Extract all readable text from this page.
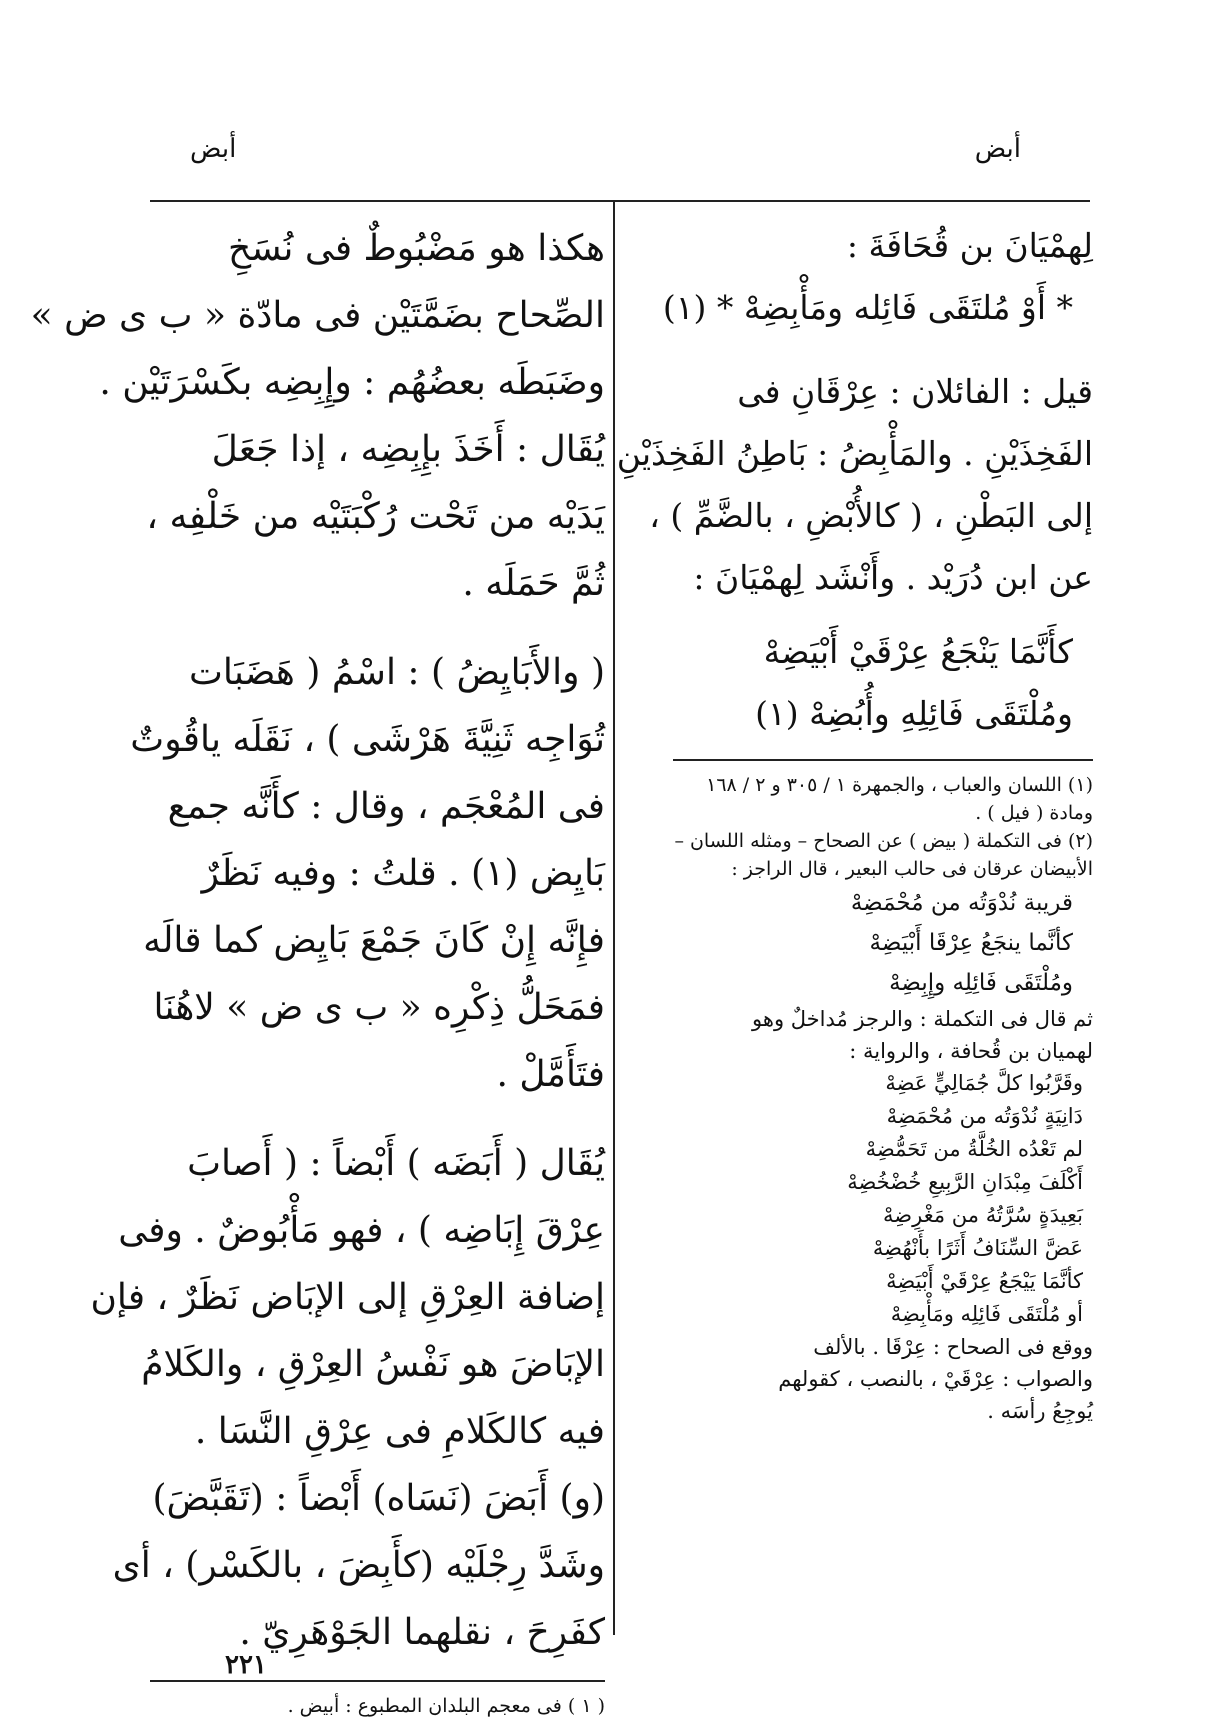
أبض
أبض
لِهمْيَانَ بن قُحَافَةَ :
* أَوْ مُلتَقَى فَائِله ومَأْبِضِهْ * (١)
قيل : الفائلان : عِرْقَانِ فى
الفَخِذَيْنِ . والمَأْبِضُ : بَاطِنُ الفَخِذَيْنِ
إلى البَطْنِ ، ( كالأُبْضِ ، بالضَّمِّ ) ،
عن ابن دُرَيْد . وأَنْشَد لِهمْيَانَ :
كأَنَّمَا يَنْجَعُ عِرْقَيْ أَبْيَضِهْ
ومُلْتَقَى فَائِلِهِ وأُبُضِهْ (١)
(١) اللسان والعباب ، والجمهرة ١ / ٣٠٥ و ٢ / ١٦٨
ومادة ( فيل ) .
(٢) فى التكملة ( بيض ) عن الصحاح – ومثله اللسان –
الأبيضان عرقان فى حالب البعير ، قال الراجز :
قريبة نُدْوَتُه من مُحْمَضِهْ
كأنَّما ينجَعُ عِرْقَا أَبْيَضِهْ
ومُلْتَقَى فَائِلِه وإِبِضِهْ
ثم قال فى التكملة : والرجز مُداخلٌ وهو
لهميان بن قُحافة ، والرواية :
وقَرَّبُوا كلَّ جُمَالِيٍّ عَضِهْ
دَانِيَةٍ نُدْوَتُه من مُحْمَضِهْ
لم تَعْدُه الخُلَّةُ من تَحَمُّضِهْ
أَكْلَفَ مِبْدَانِ الرَّبِيعِ خُضْخُضِهْ
بَعِيدَةٍ سُرَّتُهُ من مَغْرِضِهْ
عَضَّ السِّنَافُ أَثَرًا بأَنْهُضِهْ
كأنَّمَا يَيْجَعُ عِرْقَيْ أَبْيَضِهْ
أو مُلْتَقَى فَائِلِه ومَأْبِضِهْ
ووقع فى الصحاح : عِرْقَا . بالألف
والصواب : عِرْقَيْ ، بالنصب ، كقولهم
يُوجِعُ رأسَه .
هكذا هو مَضْبُوطٌ فى نُسَخِ
الصِّحاح بضَمَّتَيْن فى مادّة « ب ى ض »
وضَبَطَه بعضُهُم : وإِبِضِه بكَسْرَتَيْن .
يُقَال : أَخَذَ بإِبِضِه ، إذا جَعَلَ
يَدَيْه من تَحْت رُكْبَتَيْه من خَلْفِه ،
ثُمَّ حَمَلَه .
( والأَبَايِضُ ) : اسْمُ ( هَضَبَات
تُوَاجِه ثَنِيَّةَ هَرْشَى ) ، نَقَلَه ياقُوتٌ
فى المُعْجَم ، وقال : كأَنَّه جمع
بَايِض (١) . قلتُ : وفيه نَظَرٌ
فإِنَّه إِنْ كَانَ جَمْعَ بَايِض كما قالَه
فمَحَلُّ ذِكْرِه « ب ى ض » لاهُنَا
فتَأَمَّلْ .
يُقَال ( أَبَضَه ) أَبْضاً : ( أَصابَ
عِرْقَ إِبَاضِه ) ، فهو مَأْبُوضٌ . وفى
إضافة العِرْقِ إلى الإبَاض نَظَرٌ ، فإن
الإبَاضَ هو نَفْسُ العِرْقِ ، والكَلامُ
فيه كالكَلامِ فى عِرْقِ النَّسَا .
(و) أَبَضَ (نَسَاه) أَبْضاً : (تَقَبَّضَ)
وشَدَّ رِجْلَيْه (كأَبِضَ ، بالكَسْر) ، أى
كفَرِحَ ، نقلهما الجَوْهَرِيّ .
( ١ ) فى معجم البلدان المطبوع : أبيض .
٢٢١
